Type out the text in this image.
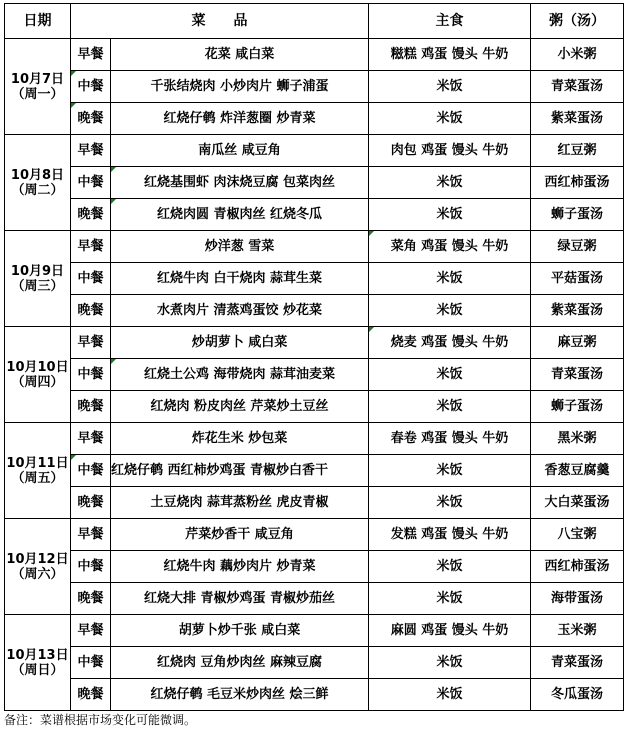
日期	菜　　品		主食	粥（汤）

10月7日
（周一）	早餐	花菜 咸白菜	糍糕 鸡蛋 馒头 牛奶	小米粥
	中餐	千张结烧肉 小炒肉片 蛳子浦蛋	米饭	青菜蛋汤
	晚餐	红烧仔鹌 炸洋葱圈 炒青菜	米饭	紫菜蛋汤

10月8日
（周二）	早餐	南瓜丝 咸豆角	肉包 鸡蛋 馒头 牛奶	红豆粥
	中餐	红烧基围虾 肉沫烧豆腐 包菜肉丝	米饭	西红柿蛋汤
	晚餐	红烧肉圆 青椒肉丝 红烧冬瓜	米饭	蛳子蛋汤

10月9日
（周三）	早餐	炒洋葱 雪菜	菜角 鸡蛋 馒头 牛奶	绿豆粥
	中餐	红烧牛肉 白干烧肉 蒜茸生菜	米饭	平菇蛋汤
	晚餐	水煮肉片 清蒸鸡蛋饺 炒花菜	米饭	紫菜蛋汤

10月10日
（周四）	早餐	炒胡萝卜 咸白菜	烧麦 鸡蛋 馒头 牛奶	麻豆粥
	中餐	红烧土公鸡 海带烧肉 蒜茸油麦菜	米饭	青菜蛋汤
	晚餐	红烧肉 粉皮肉丝 芹菜炒土豆丝	米饭	蛳子蛋汤

10月11日
（周五）	早餐	炸花生米 炒包菜	春卷 鸡蛋 馒头 牛奶	黑米粥
	中餐	红烧仔鹌 西红柿炒鸡蛋 青椒炒白香干	米饭	香葱豆腐羹
	晚餐	土豆烧肉 蒜茸蒸粉丝 虎皮青椒	米饭	大白菜蛋汤

10月12日
（周六）	早餐	芹菜炒香干 咸豆角	发糕 鸡蛋 馒头 牛奶	八宝粥
	中餐	红烧牛肉 藕炒肉片 炒青菜	米饭	西红柿蛋汤
	晚餐	红烧大排 青椒炒鸡蛋 青椒炒茄丝	米饭	海带蛋汤

10月13日
（周日）	早餐	胡萝卜炒千张 咸白菜	麻圆 鸡蛋 馒头 牛奶	玉米粥
	中餐	红烧肉 豆角炒肉丝 麻辣豆腐	米饭	青菜蛋汤
	晚餐	红烧仔鹌 毛豆米炒肉丝 烩三鲜	米饭	冬瓜蛋汤
备注：菜谱根据市场变化可能微调。
